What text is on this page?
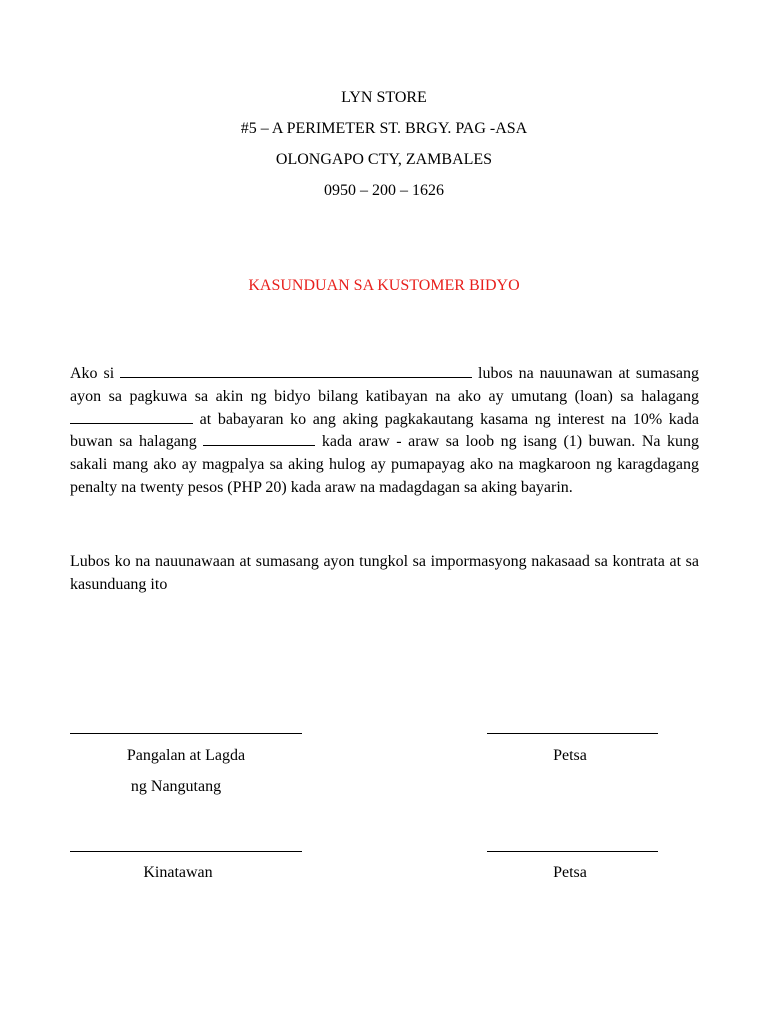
LYN STORE
#5 – A PERIMETER ST. BRGY. PAG -ASA
OLONGAPO CTY, ZAMBALES
0950 – 200 – 1626
KASUNDUAN SA KUSTOMER BIDYO

Ako si	lubos na nauunawan at sumasang ayon sa pagkuwa sa akin ng bidyo bilang katibayan na ako ay umutang (loan) sa halagang  at babayaran ko ang aking pagkakautang kasama ng interest na 10% kada buwan sa halagang	kada araw - araw sa loob ng isang (1) buwan. Na kung sakali mang ako ay magpalya sa aking hulog ay pumapayag ako na magkaroon ng karagdagang penalty na twenty pesos (PHP 20) kada araw na madagdagan sa aking bayarin.

Lubos ko na nauunawaan at sumasang ayon tungkol sa impormasyong nakasaad sa kontrata at sa kasunduang ito

Pangalan at Lagda
ng Nangutang
Petsa
Kinatawan	Petsa
